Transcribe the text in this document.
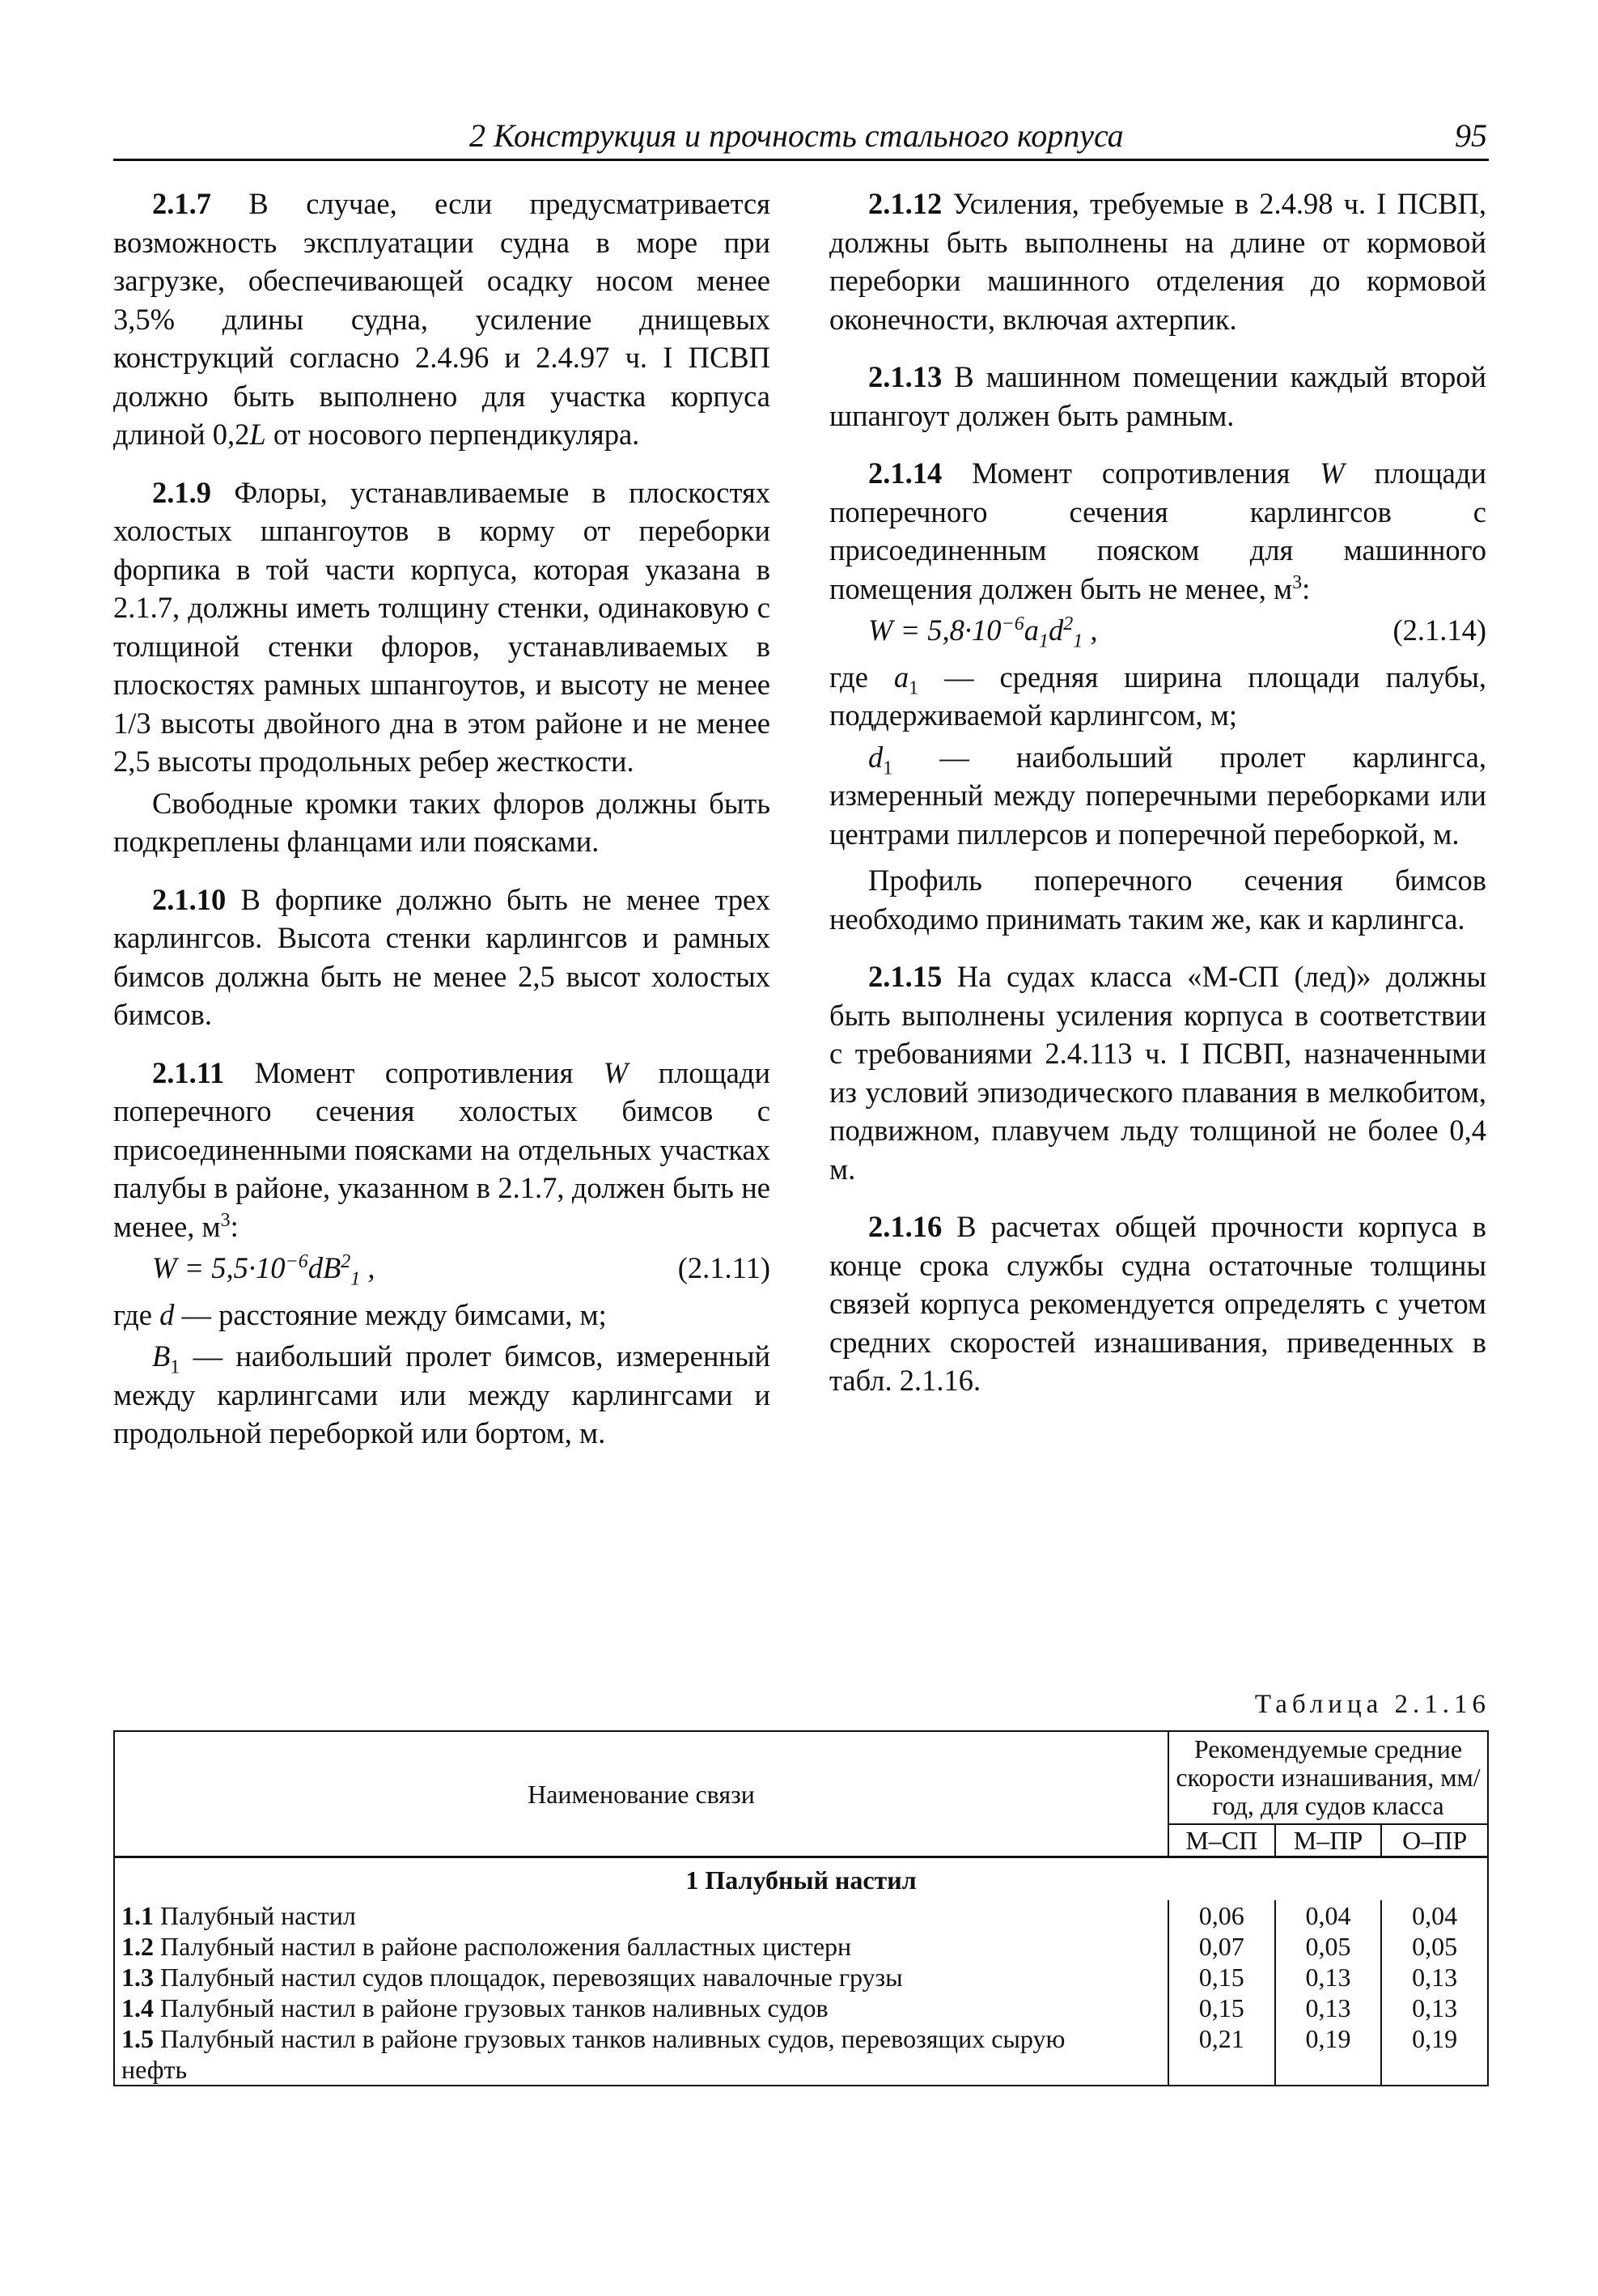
2 Конструкция и прочность стального корпуса	95

2.1.7 В случае, если предусматривается возможность эксплуатации судна в море при загрузке, обеспечивающей осадку носом менее 3,5% длины судна, усиление днищевых конструкций согласно 2.4.96 и 2.4.97 ч. I ПСВП должно быть выполнено для участка корпуса длиной 0,2L от носового перпендикуляра.

2.1.9 Флоры, устанавливаемые в плоскостях холостых шпангоутов в корму от переборки форпика в той части корпуса, которая указана в 2.1.7, должны иметь толщину стенки, одинаковую с толщиной стенки флоров, устанавливаемых в плоскостях рамных шпангоутов, и высоту не менее 1/3 высоты двойного дна в этом районе и не менее 2,5 высоты продольных ребер жесткости.

Свободные кромки таких флоров должны быть подкреплены фланцами или поясками.

2.1.10 В форпике должно быть не менее трех карлингсов. Высота стенки карлингсов и рамных бимсов должна быть не менее 2,5 высот холостых бимсов.

2.1.11 Момент сопротивления W площади поперечного сечения холостых бимсов с присоединенными поясками на отдельных участках палубы в районе, указанном в 2.1.7, должен быть не менее, $м^3$:

$W = 5,5\cdot 10^{-6}dB^2_1$ ,	(2.1.11)

где d — расстояние между бимсами, м;

$B_1$ — наибольший пролет бимсов, измеренный между карлингсами или между карлингсами и продольной переборкой или бортом, м.

2.1.12 Усиления, требуемые в 2.4.98 ч. I ПСВП, должны быть выполнены на длине от кормовой переборки машинного отделения до кормовой оконечности, включая ахтерпик.

2.1.13 В машинном помещении каждый второй шпангоут должен быть рамным.

2.1.14 Момент сопротивления W площади поперечного сечения карлингсов с присоединенным пояском для машинного помещения должен быть не менее, $м^3$:

$W = 5,8\cdot 10^{-6}a_1d^2_1$ ,	(2.1.14)

где $a_1$ — средняя ширина площади палубы, поддерживаемой карлингсом, м;

$d_1$ — наибольший пролет карлингса, измеренный между поперечными переборками или центрами пиллерсов и поперечной переборкой, м.

Профиль поперечного сечения бимсов необходимо принимать таким же, как и карлингса.

2.1.15 На судах класса «М-СП (лед)» должны быть выполнены усиления корпуса в соответствии с требованиями 2.4.113 ч. I ПСВП, назначенными из условий эпизодического плавания в мелкобитом, подвижном, плавучем льду толщиной не более 0,4 м.

2.1.16 В расчетах общей прочности корпуса в конце срока службы судна остаточные толщины связей корпуса рекомендуется определять с учетом средних скоростей изнашивания, приведенных в табл. 2.1.16.

Таблица 2.1.16
Наименование связи	Рекомендуемые средние скорости изнашивания, мм/год, для судов класса		
	М–СП	М–ПР	О–ПР
1 Палубный настил			
1.1 Палубный настил	0,06	0,04	0,04
1.2 Палубный настил в районе расположения балластных цистерн	0,07	0,05	0,05
1.3 Палубный настил судов площадок, перевозящих навалочные грузы	0,15	0,13	0,13
1.4 Палубный настил в районе грузовых танков наливных судов	0,15	0,13	0,13
1.5 Палубный настил в районе грузовых танков наливных судов, перевозящих сырую нефть	0,21	0,19	0,19
